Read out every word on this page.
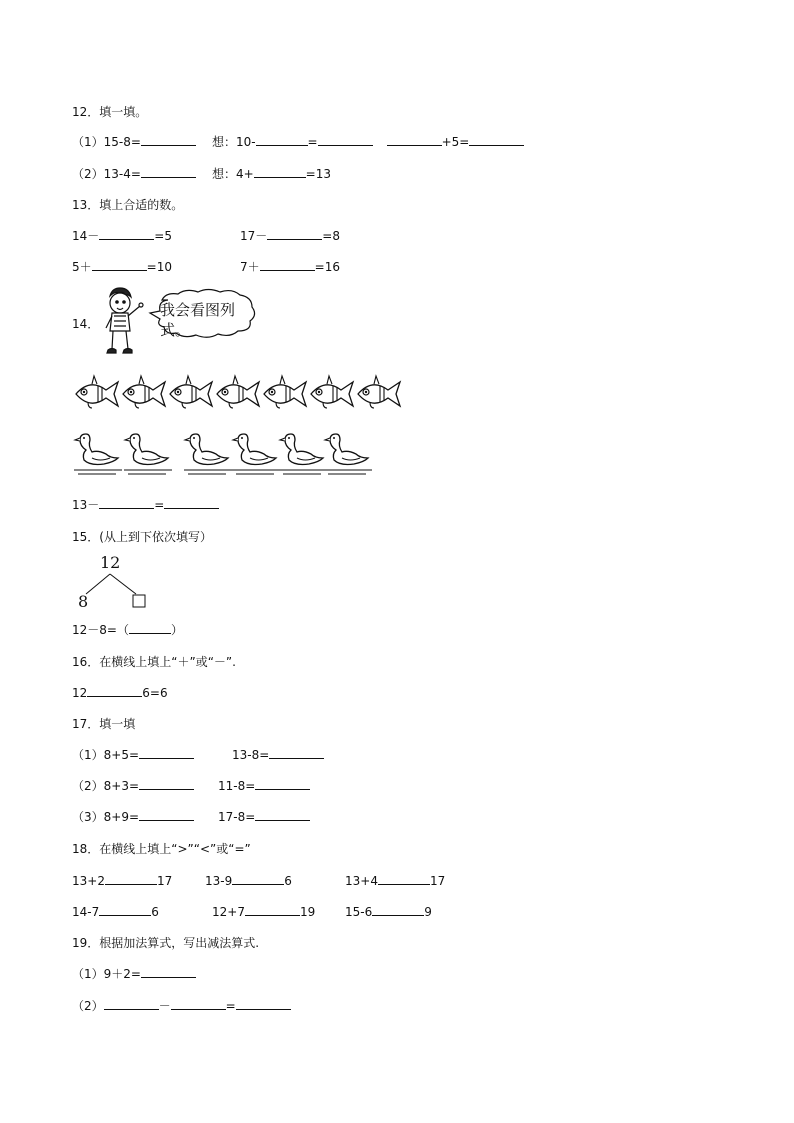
12．填一填。
（1）15-8=	想：10-	=	+5=
（2）13-4=	想：4+	=13
13．填上合适的数。
14－	=5	17－	=8
5＋	=10	7＋	=16
14．
我会看图列式。
13－	=
15．(从上到下依次填写）
12
8
12－8=（	）
16．在横线上填上“＋”或“－”.
12	6=6
17．填一填
（1）8+5=	13-8=
（2）8+3=	11-8=
（3）8+9=	17-8=
18．在横线上填上“>”“<”或“=”
13+2	17	13-9	6	13+4	17
14-7	6	12+7	19 15-6	9
19．根据加法算式，写出减法算式.
（1）9＋2=
（2）	－	=
